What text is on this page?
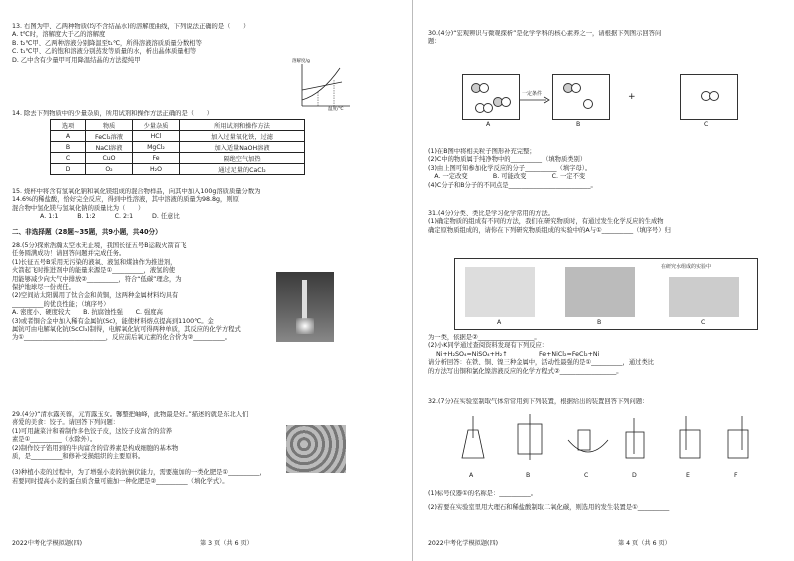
13. 右图为甲、乙两种物质(均不含结晶水)的溶解度曲线，下列说法正确的是（　　）
A. t℃时，溶解度大于乙的溶解度
B. t₂℃甲、乙两种溶液分别降温至t₁℃，所得溶液溶质质量分数相等
C. t₁℃甲、乙的饱和溶液分别蒸发等质量的水，析出晶体质量相等
D. 乙中含有少量甲可用降温结晶的方法提纯甲	溶解度/g
温度/℃
14. 除去下列物质中的少量杂质，所用试剂和操作方法正确的是（　　）
选项	物质	少量杂质	所用试剂和操作方法
A	FeCl₂溶液	HCl	加入过量氧化铁，过滤
B	NaCl溶液	MgCl₂	加入适量NaOH溶液
C	CuO	Fe	隔绝空气加热
D	O₂	H₂O	通过足量的CaCl₂
15. 烧杯中将含有氢氧化钠和氧化镁组成的混合物样品，向其中加入100g溶质质量分数为
14.6%的稀盐酸，恰好完全反应，得到中性溶液，其中溶液的质量为98.8g，则原
混合物中氢化镁与氢氧化钠的质量比为（　　）
A. 1:1　　　B. 1:2　　　C. 2:1　　　D. 任意比
二、非选择题（28题~35题，共9小题，共40分）
28.(5分)探索浩瀚太空永无止境，我国长征五号B运载火箭首飞
任务圆满成功！请回答问题并完成任务。
(1)长征五号B采用无污染的液氧、液氢和煤油作为推进剂，
火箭起飞时推进剂中的能量来源是①__________，液氢的使
用能够减少向大气中排放②__________，符合“低碳”理念，为
保护地球尽一份责任。
(2)空间站太阳翼用了钛合金和黄铜，这两种金属材料均具有
__________的优良性能；（填序号）
A. 密度小、硬度较大　　B. 抗腐蚀性强　　C. 强度高
(3)或者铜合金中加入稀有金属钪(Sc)，能使材料熔点提高到1100℃。金
属钪可由电解氧化钪(ScCl₃)制得，电解氧化钪可得两种单质，其反应的化学方程式
为①__________________________，反应前后氧元素的化合价为②__________。
29.(4分)“清水露芙蓉，元宵露玉女。馨整把岫峰，此物最是好。”描述的就是东北人们
喜爱的美食：饺子。请回答下列问题：
(1)可用蔬菜汁和着制作多色饺子皮，这饺子皮富含的营养
素是①__________（水除外）。
(2)制作饺子馅用到的牛肉富含的营养素是构成细胞的基本物
质，是__________和修补受损组织的主要原料。
(3)种植小麦的过程中，为了增强小麦的抗倒伏能力，需要施加的一类化肥是①__________，
若要同时提高小麦的蛋白质含量可施加一种化肥是②__________（填化学式）。
2022中考化学模拟题(四)	第 3 页（共 6 页）
30.(4分)“宏观辨识与微观探析”是化学学科的核心素养之一，请根据下列图示回答问
题：
一定条件	+
A	B	C
(1)在B图中将相关粒子图形补充完整；
(2)C中的物质属于纯净物中的__________（填物质类别）
(3)由上图可知参加化学反应的分子__________（填字母）。
　A. 一定改变　　　　B. 可能改变　　　　C. 一定不变
(4)C分子和B分子的不同点是__________________________。
31.(4分)分类、类比是学习化学常用的方法。
(1)确定物质的组成有不同的方法，我们在研究物质时，有通过发生化学反应的生成物
确定原物质组成的，请你在下列研究物质组成的实验中的A与①__________（填序号）归
在研究水组成的实验中
A	B	C
为一类，依据是②__________________。
(2)小K同学通过查阅资料发现有下列反应：
Ni+H₂SO₄=NiSO₄+H₂↑　　　　　Fe+NiCl₂=FeCl₂+Ni
请分析回答：在铁、铜、镍三种金属中，活动性最强的是①__________，通过类比
的方法写出铜和氯化镍溶液反应的化学方程式②__________________。
32.(7分)在实验室制取气体常常用到下列装置，根据给出的装置回答下列问题：
A	B	C	D	E	F
(1)标号仪器①的名称是：__________。
(2)若要在实验室里用大理石和稀盐酸制取二氧化碳，则选用的发生装置是①__________
2022中考化学模拟题(四)	第 4 页（共 6 页）
